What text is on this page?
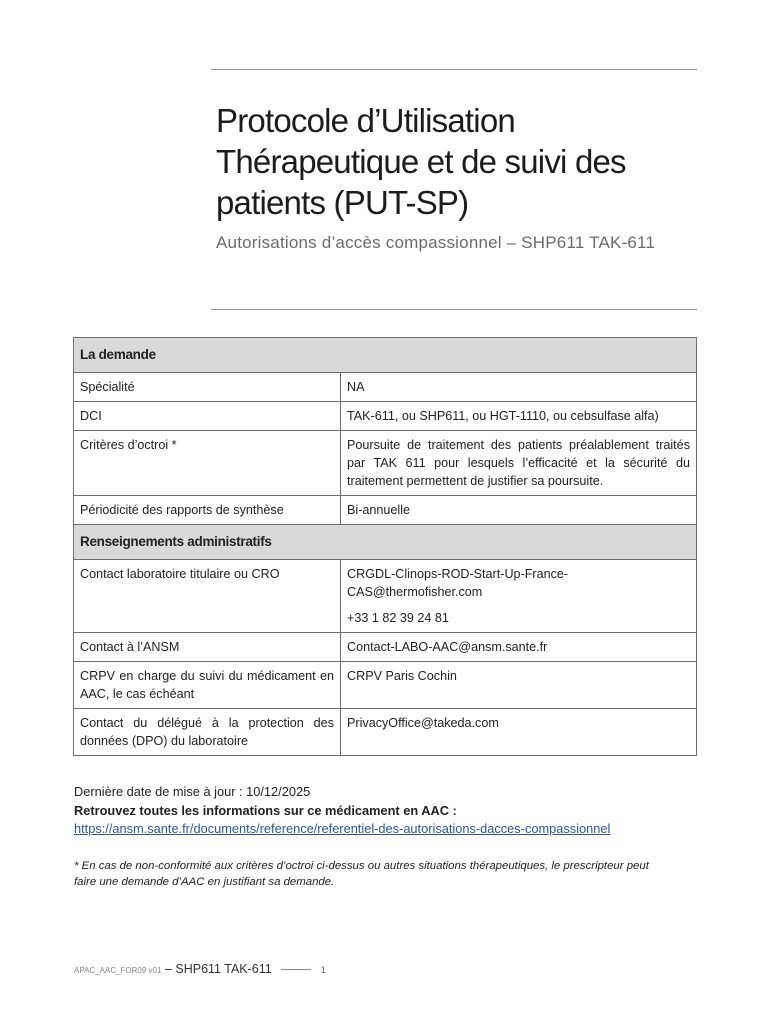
Protocole d’Utilisation
Thérapeutique et de suivi des
patients (PUT-SP)
Autorisations d’accès compassionnel – SHP611 TAK-611
La demande	
Spécialité	NA
DCI	TAK-611, ou SHP611, ou HGT-1110, ou cebsulfase alfa)
Critères d’octroi *	Poursuite de traitement des patients préalablement traités par TAK 611 pour lesquels l’efficacité et la sécurité du traitement permettent de justifier sa poursuite.
Périodicité des rapports de synthèse	Bi-annuelle
Renseignements administratifs	
Contact laboratoire titulaire ou CRO	CRGDL-Clinops-ROD-Start-Up-France-CAS@thermofisher.com
+33 1 82 39 24 81

Contact à l’ANSM	Contact-LABO-AAC@ansm.sante.fr
CRPV en charge du suivi du médicament en AAC, le cas échéant	CRPV Paris Cochin
Contact du délégué à la protection des données (DPO) du laboratoire	PrivacyOffice@takeda.com
Dernière date de mise à jour : 10/12/2025
Retrouvez toutes les informations sur ce médicament en AAC :
https://ansm.sante.fr/documents/reference/referentiel-des-autorisations-dacces-compassionnel
* En cas de non-conformité aux critères d’octroi ci-dessus ou autres situations thérapeutiques, le prescripteur peut faire une demande d’AAC en justifiant sa demande.
APAC_AAC_FOR09 v01 – SHP611 TAK-611	1
